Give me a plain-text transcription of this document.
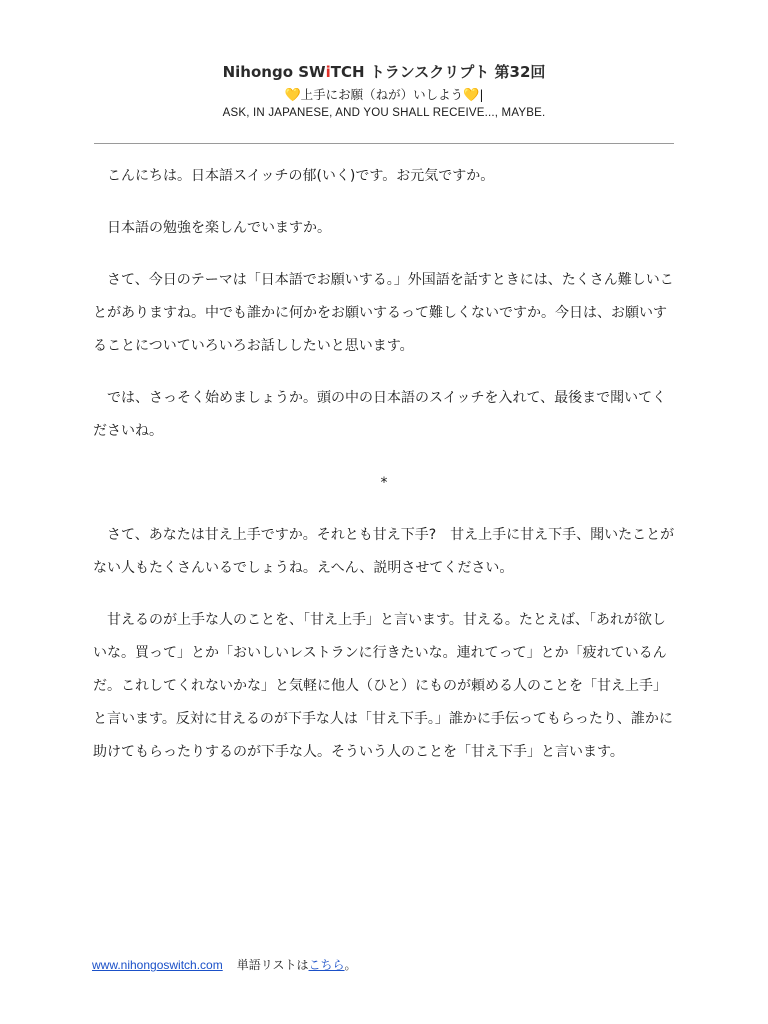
Nihongo SWiTCH トランスクリプト 第32回
💛上手にお願（ねが）いしよう💛|
ASK, IN JAPANESE, AND YOU SHALL RECEIVE..., MAYBE.

こんにちは。日本語スイッチの郁(いく)です。お元気ですか。

日本語の勉強を楽しんでいますか。

さて、今日のテーマは「日本語でお願いする。」外国語を話すときには、たくさん難しいことがありますね。中でも誰かに何かをお願いするって難しくないですか。今日は、お願いすることについていろいろお話ししたいと思います。

では、さっそく始めましょうか。頭の中の日本語のスイッチを入れて、最後まで聞いてくださいね。

*

さて、あなたは甘え上手ですか。それとも甘え下手?　甘え上手に甘え下手、聞いたことがない人もたくさんいるでしょうね。えへん、説明させてください。

甘えるのが上手な人のことを、「甘え上手」と言います。甘える。たとえば、「あれが欲しいな。買って」とか「おいしいレストランに行きたいな。連れてって」とか「疲れているんだ。これしてくれないかな」と気軽に他人（ひと）にものが頼める人のことを「甘え上手」と言います。反対に甘えるのが下手な人は「甘え下手。」誰かに手伝ってもらったり、誰かに助けてもらったりするのが下手な人。そういう人のことを「甘え下手」と言います。

www.nihongoswitch.com 単語リストはこちら。
